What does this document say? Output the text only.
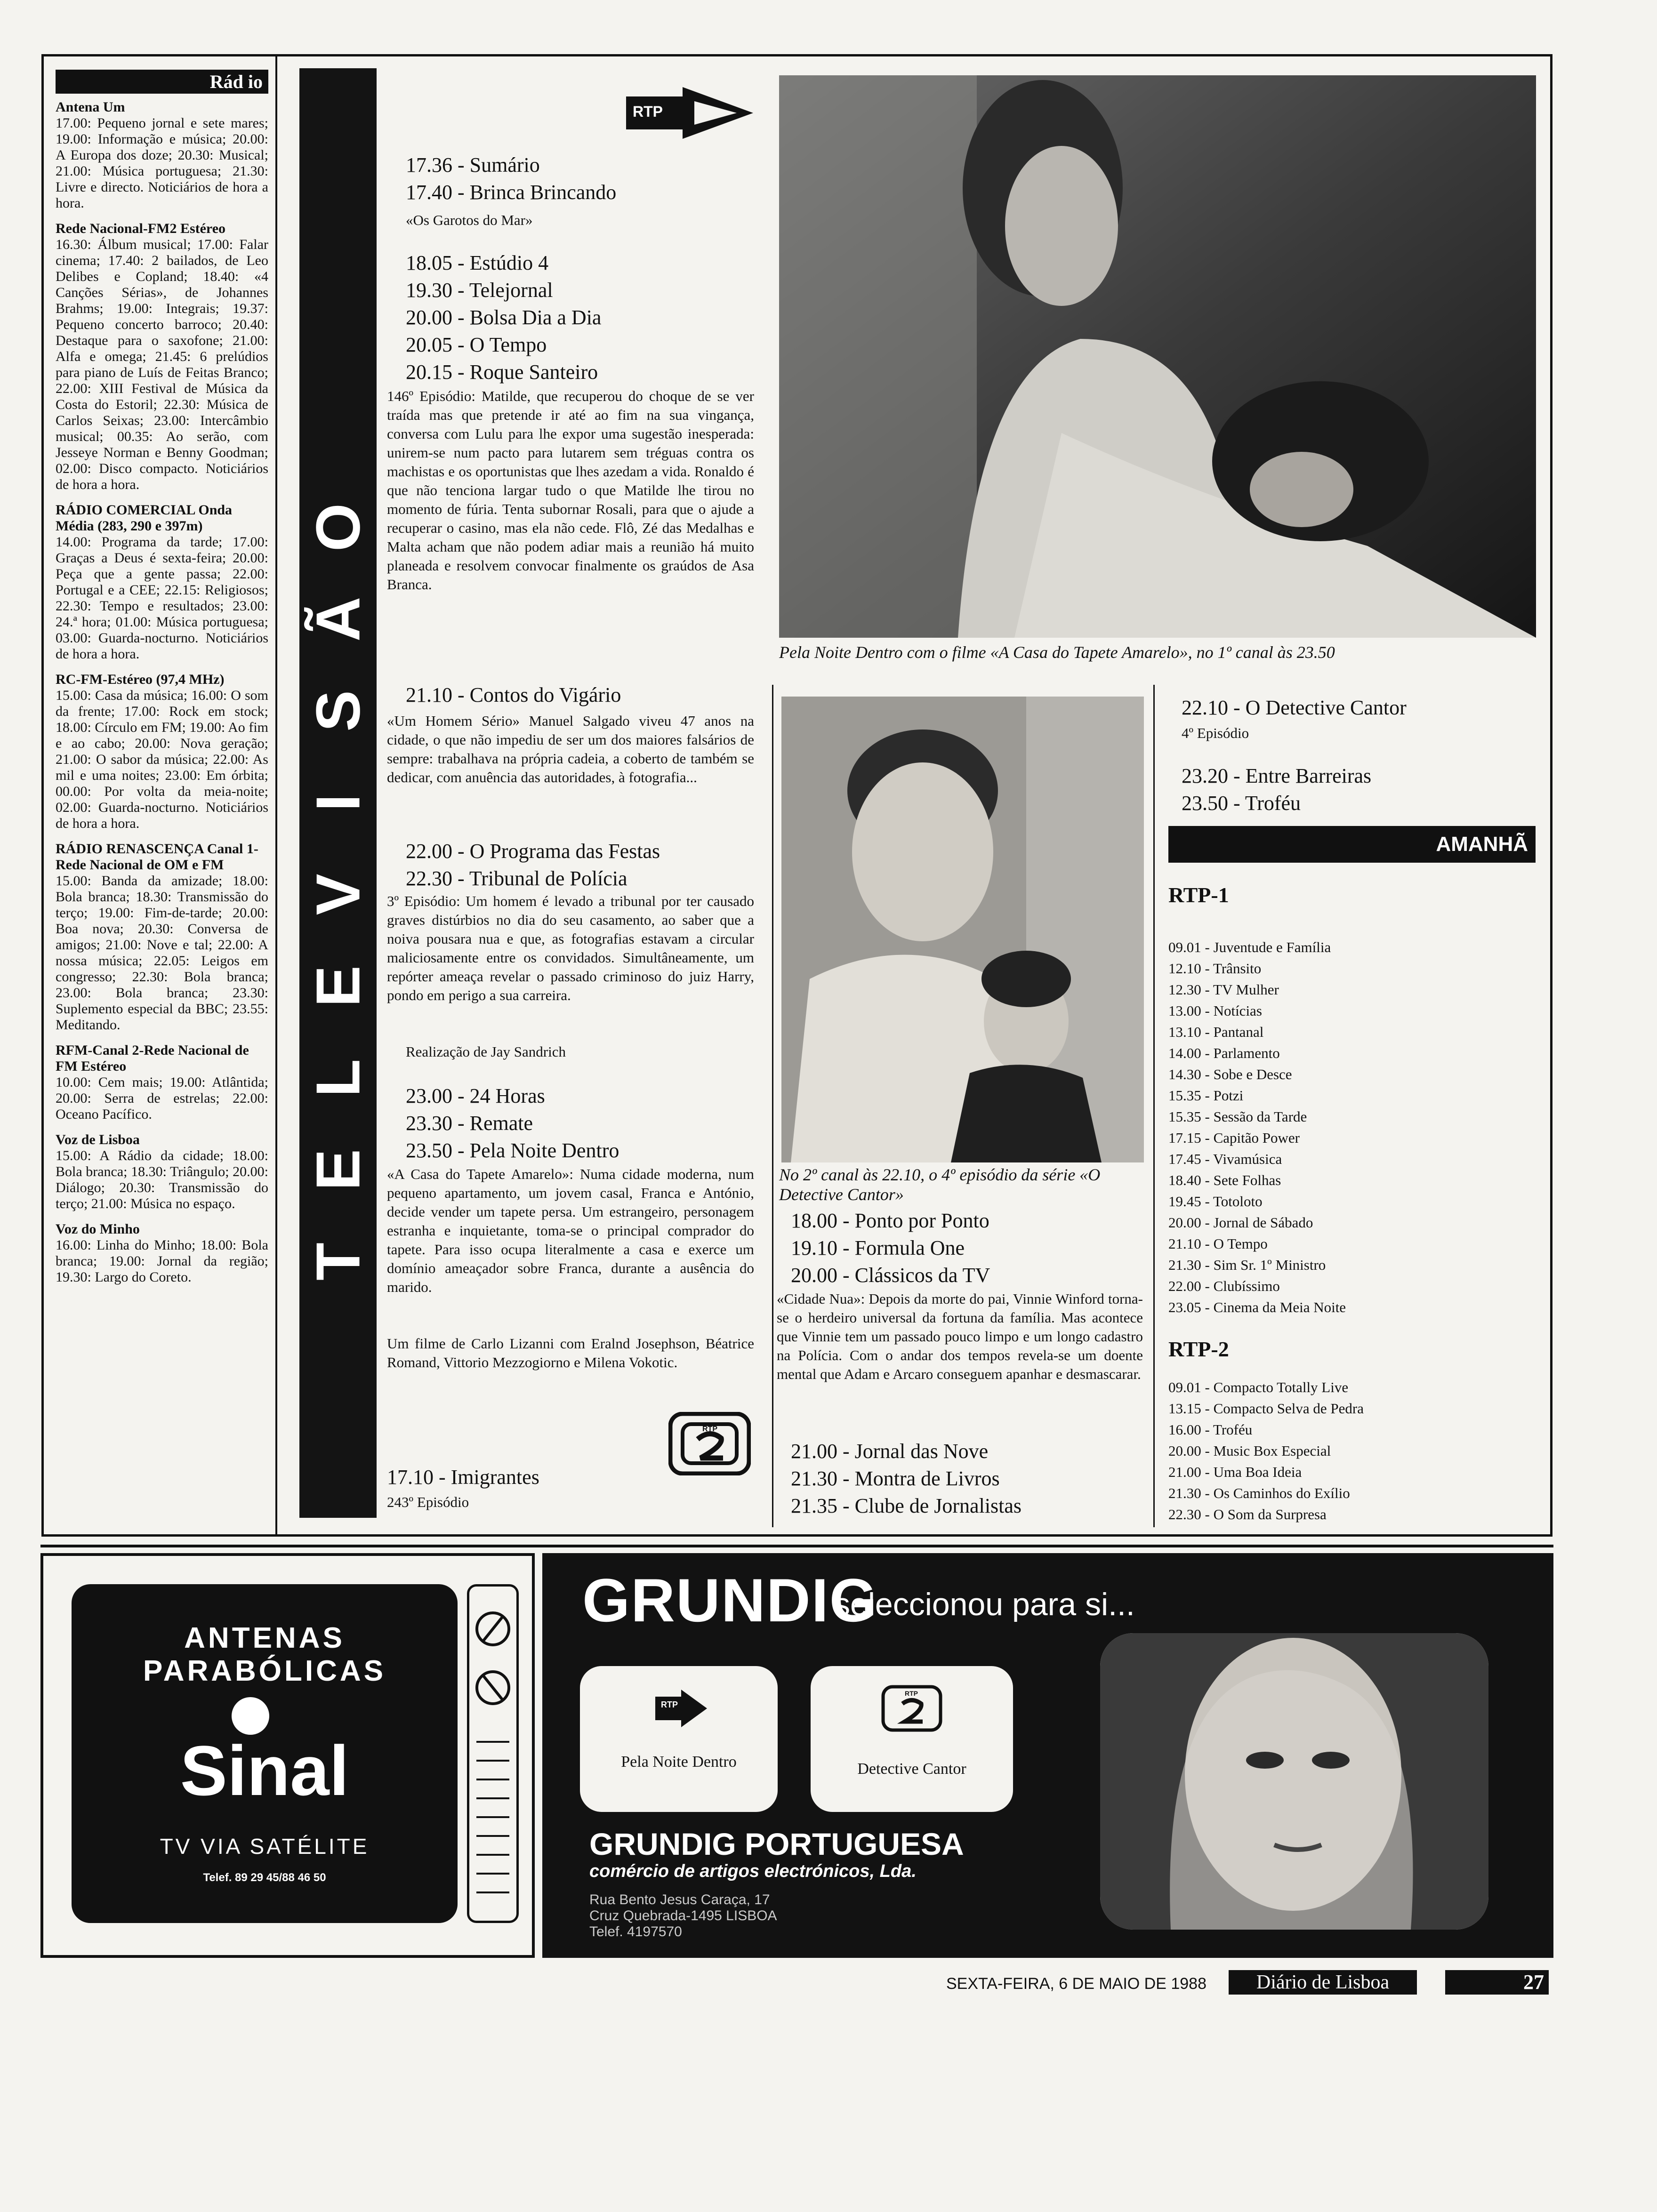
Rád io
Antena Um
17.00: Pequeno jornal e sete mares; 19.00: Informação e música; 20.00: A Europa dos doze; 20.30: Musical; 21.00: Música portuguesa; 21.30: Livre e directo. Noticiários de hora a hora.
Rede Nacional-FM2 Estéreo
16.30: Álbum musical; 17.00: Falar cinema; 17.40: 2 bailados, de Leo Delibes e Copland; 18.40: «4 Canções Sérias», de Johannes Brahms; 19.00: Integrais; 19.37: Pequeno concerto barroco; 20.40: Destaque para o saxofone; 21.00: Alfa e omega; 21.45: 6 prelúdios para piano de Luís de Feitas Branco; 22.00: XIII Festival de Música da Costa do Estoril; 22.30: Música de Carlos Seixas; 23.00: Intercâmbio musical; 00.35: Ao serão, com Jesseye Norman e Benny Goodman; 02.00: Disco compacto. Noticiários de hora a hora.
RÁDIO COMERCIAL Onda Média (283, 290 e 397m)
14.00: Programa da tarde; 17.00: Graças a Deus é sexta-feira; 20.00: Peça que a gente passa; 22.00: Portugal e a CEE; 22.15: Religiosos; 22.30: Tempo e resultados; 23.00: 24.ª hora; 01.00: Música portuguesa; 03.00: Guarda-nocturno. Noticiários de hora a hora.
RC-FM-Estéreo (97,4 MHz)
15.00: Casa da música; 16.00: O som da frente; 17.00: Rock em stock; 18.00: Círculo em FM; 19.00: Ao fim e ao cabo; 20.00: Nova geração; 21.00: O sabor da música; 22.00: As mil e uma noites; 23.00: Em órbita; 00.00: Por volta da meia-noite; 02.00: Guarda-nocturno. Noticiários de hora a hora.
RÁDIO RENASCENÇA Canal 1-Rede Nacional de OM e FM
15.00: Banda da amizade; 18.00: Bola branca; 18.30: Transmissão do terço; 19.00: Fim-de-tarde; 20.00: Boa nova; 20.30: Conversa de amigos; 21.00: Nove e tal; 22.00: A nossa música; 22.05: Leigos em congresso; 22.30: Bola branca; 23.00: Bola branca; 23.30: Suplemento especial da BBC; 23.55: Meditando.
RFM-Canal 2-Rede Nacional de FM Estéreo
10.00: Cem mais; 19.00: Atlântida; 20.00: Serra de estrelas; 22.00: Oceano Pacífico.
Voz de Lisboa
15.00: A Rádio da cidade; 18.00: Bola branca; 18.30: Triângulo; 20.00: Diálogo; 20.30: Transmissão do terço; 21.00: Música no espaço.
Voz do Minho
16.00: Linha do Minho; 18.00: Bola branca; 19.00: Jornal da região; 19.30: Largo do Coreto.	T
E
L
E
V
I
S
Ã
O
RTP
17.36 - Sumário
17.40 - Brinca Brincando
«Os Garotos do Mar»
18.05 - Estúdio 4
19.30 - Telejornal
20.00 - Bolsa Dia a Dia
20.05 - O Tempo
20.15 - Roque Santeiro
146º Episódio: Matilde, que recuperou do choque de se ver traída mas que pretende ir até ao fim na sua vingança, conversa com Lulu para lhe expor uma sugestão inesperada: unirem-se num pacto para lutarem sem tréguas contra os machistas e os oportunistas que lhes azedam a vida. Ronaldo é que não tenciona largar tudo o que Matilde lhe tirou no momento de fúria. Tenta subornar Rosali, para que o ajude a recuperar o casino, mas ela não cede. Flô, Zé das Medalhas e Malta acham que não podem adiar mais a reunião há muito planeada e resolvem convocar finalmente os graúdos de Asa Branca.
21.10 - Contos do Vigário
«Um Homem Sério» Manuel Salgado viveu 47 anos na cidade, o que não impediu de ser um dos maiores falsários de sempre: trabalhava na própria cadeia, a coberto de também se dedicar, com anuência das autoridades, à fotografia...
22.00 - O Programa das Festas
22.30 - Tribunal de Polícia
3º Episódio: Um homem é levado a tribunal por ter causado graves distúrbios no dia do seu casamento, ao saber que a noiva pousara nua e que, as fotografias estavam a circular maliciosamente entre os convidados. Simultâneamente, um repórter ameaça revelar o passado criminoso do juiz Harry, pondo em perigo a sua carreira.
Realização de Jay Sandrich
23.00 - 24 Horas
23.30 - Remate
23.50 - Pela Noite Dentro
«A Casa do Tapete Amarelo»: Numa cidade moderna, num pequeno apartamento, um jovem casal, Franca e António, decide vender um tapete persa. Um estrangeiro, personagem estranha e inquietante, toma-se o principal comprador do tapete. Para isso ocupa literalmente a casa e exerce um domínio ameaçador sobre Franca, durante a ausência do marido.
Um filme de Carlo Lizanni com Eralnd Josephson, Béatrice Romand, Vittorio Mezzogiorno e Milena Vokotic.
RTP
17.10 - Imigrantes
243º Episódio
Pela Noite Dentro com o filme «A Casa do Tapete Amarelo», no 1º canal às 23.50
No 2º canal às 22.10, o 4º episódio da série «O Detective Cantor»
18.00 - Ponto por Ponto
19.10 - Formula One
20.00 - Clássicos da TV
«Cidade Nua»: Depois da morte do pai, Vinnie Winford torna-se o herdeiro universal da fortuna da família. Mas acontece que Vinnie tem um passado pouco limpo e um longo cadastro na Polícia. Com o andar dos tempos revela-se um doente mental que Adam e Arcaro conseguem apanhar e desmascarar.
21.00 - Jornal das Nove
21.30 - Montra de Livros
21.35 - Clube de Jornalistas
22.10 - O Detective Cantor
4º Episódio
23.20 - Entre Barreiras
23.50 - Troféu
AMANHÃ
RTP-1
09.01 - Juventude e Família
12.10 - Trânsito
12.30 - TV Mulher
13.00 - Notícias
13.10 - Pantanal
14.00 - Parlamento
14.30 - Sobe e Desce
15.35 - Potzi
15.35 - Sessão da Tarde
17.15 - Capitão Power
17.45 - Vivamúsica
18.40 - Sete Folhas
19.45 - Totoloto
20.00 - Jornal de Sábado
21.10 - O Tempo
21.30 - Sim Sr. 1º Ministro
22.00 - Clubíssimo
23.05 - Cinema da Meia Noite
RTP-2
09.01 - Compacto Totally Live
13.15 - Compacto Selva de Pedra
16.00 - Troféu
20.00 - Music Box Especial
21.00 - Uma Boa Ideia
21.30 - Os Caminhos do Exílio
22.30 - O Som da Surpresa
ANTENAS
PARABÓLICAS
Sinal
TV VIA SATÉLITE
Telef. 89 29 45/88 46 50
GRUNDIG
seleccionou para si...
RTP
Pela Noite Dentro
RTP
Detective Cantor
GRUNDIG PORTUGUESA
comércio de artigos electrónicos, Lda.
Rua Bento Jesus Caraça, 17
Cruz Quebrada-1495 LISBOA
Telef. 4197570
SEXTA-FEIRA, 6 DE MAIO DE 1988	Diário de Lisboa	27
